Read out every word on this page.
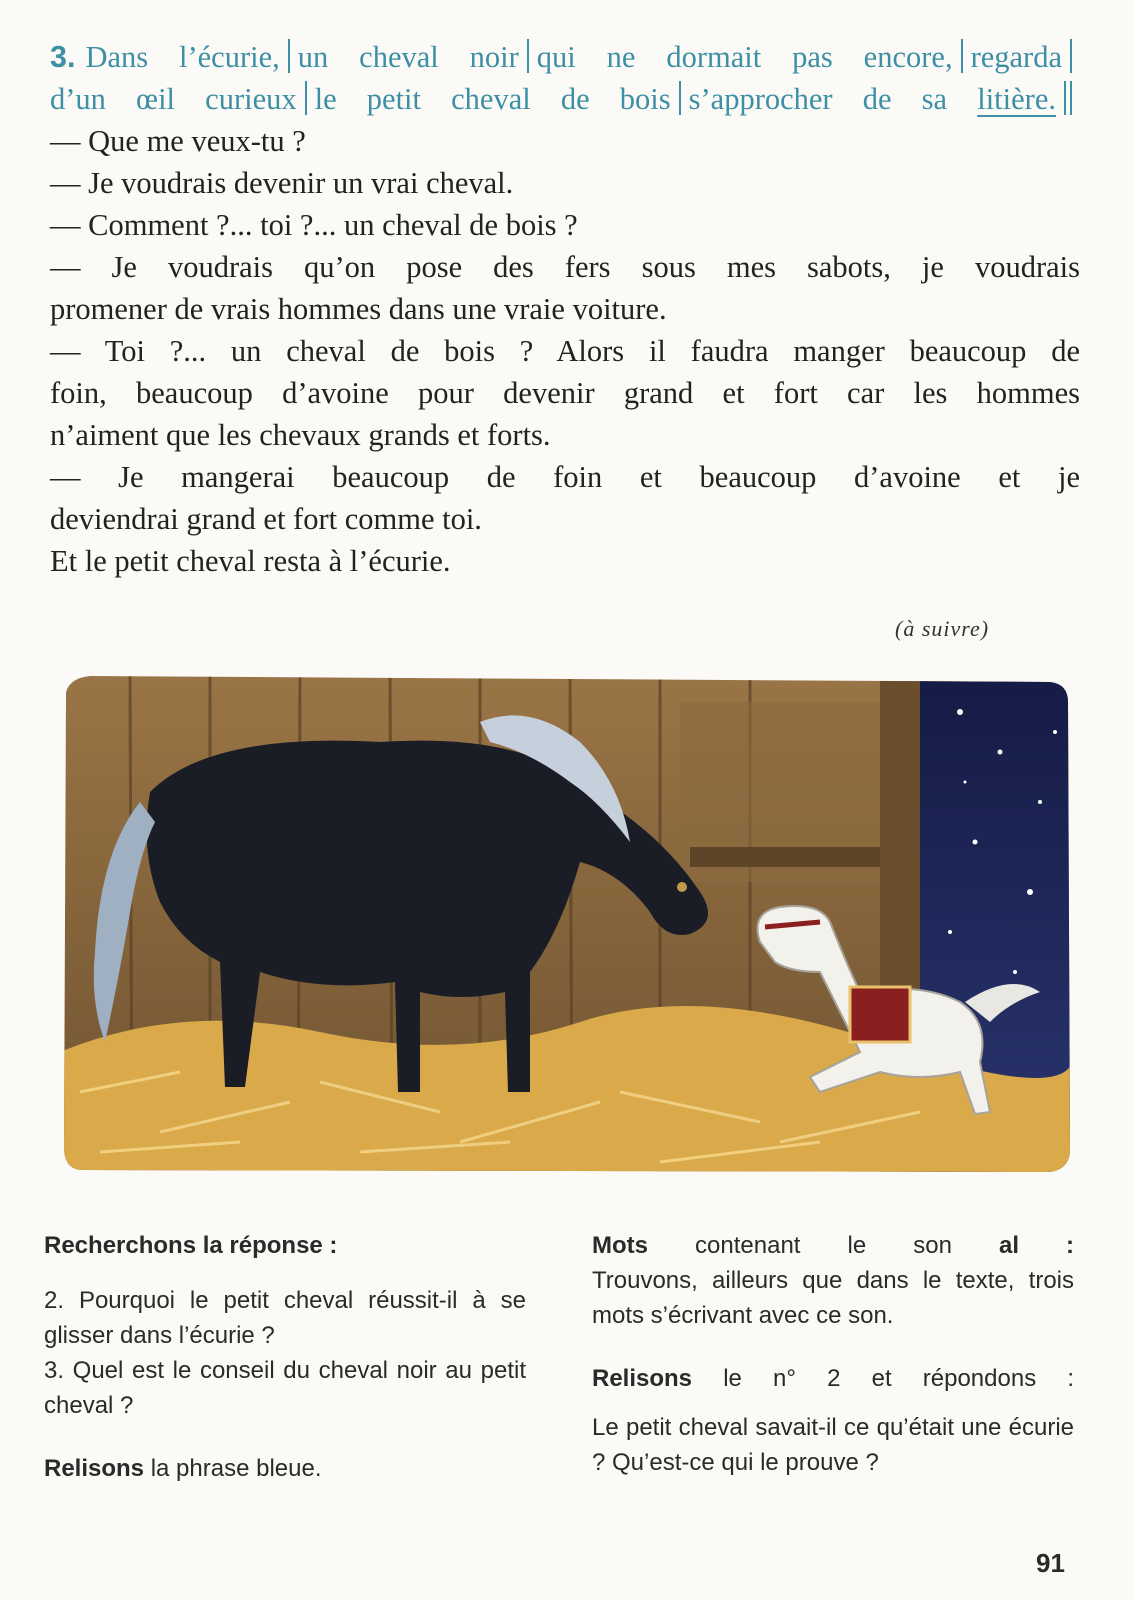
3. Dans l’écurie, un cheval noir qui ne dormait pas encore, regarda
d’un œil curieux le petit cheval de bois s’approcher de sa litière.
— Que me veux-tu ?
— Je voudrais devenir un vrai cheval.
— Comment ?... toi ?... un cheval de bois ?
— Je voudrais qu’on pose des fers sous mes sabots, je voudrais
promener de vrais hommes dans une vraie voiture.
— Toi ?... un cheval de bois ? Alors il faudra manger beaucoup de
foin, beaucoup d’avoine pour devenir grand et fort car les hommes
n’aiment que les chevaux grands et forts.
— Je mangerai beaucoup de foin et beaucoup d’avoine et je
deviendrai grand et fort comme toi.
Et le petit cheval resta à l’écurie.
(à suivre)
Recherchons la réponse :
2. Pourquoi le petit cheval réussit-il à se glisser dans l’écurie ?
3. Quel est le conseil du cheval noir au petit cheval ?
Relisons la phrase bleue.
Mots contenant le son al :
Trouvons, ailleurs que dans le texte, trois mots s’écrivant avec ce son.
Relisons le n° 2 et répondons :
Le petit cheval savait-il ce qu’était une écurie ? Qu’est-ce qui le prouve ?
91
